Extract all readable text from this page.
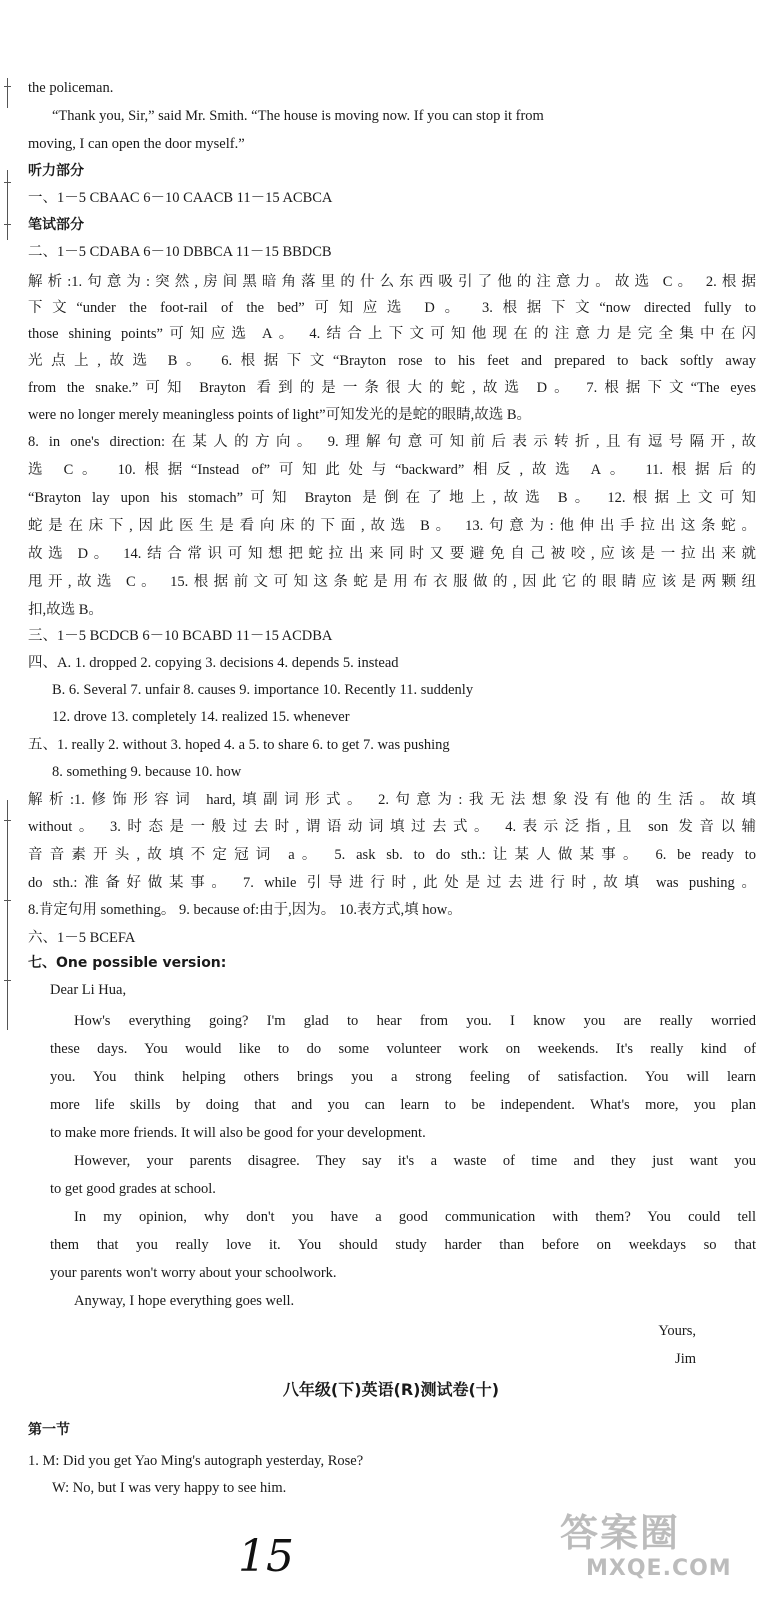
the policeman.
“Thank you, Sir,” said Mr. Smith. “The house is moving now. If you can stop it from
moving, I can open the door myself.”
听力部分
一、1－5 CBAAC 6－10 CAACB 11－15 ACBCA
笔试部分
二、1－5 CDABA 6－10 DBBCA 11－15 BBDCB
解析:1.句意为:突然,房间黑暗角落里的什么东西吸引了他的注意力。故选 C。 2.根据
下文“under the foot-rail of the bed”可知应选 D。 3.根据下文“now directed fully to
those shining points”可知应选 A。 4.结合上下文可知他现在的注意力是完全集中在闪
光点上,故选 B。 6.根据下文“Brayton rose to his feet and prepared to back softly away
from the snake.”可知 Brayton 看到的是一条很大的蛇,故选 D。 7.根据下文“The eyes
were no longer merely meaningless points of light”可知发光的是蛇的眼睛,故选 B。
8. in one's direction:在某人的方向。 9.理解句意可知前后表示转折,且有逗号隔开,故
选 C。 10.根据“Instead of”可知此处与“backward”相反,故选 A。 11.根据后的
“Brayton lay upon his stomach”可知 Brayton 是倒在了地上,故选 B。 12.根据上文可知
蛇是在床下,因此医生是看向床的下面,故选 B。 13.句意为:他伸出手拉出这条蛇。
故选 D。 14.结合常识可知想把蛇拉出来同时又要避免自己被咬,应该是一拉出来就
甩开,故选 C。 15.根据前文可知这条蛇是用布衣服做的,因此它的眼睛应该是两颗纽
扣,故选 B。
三、1－5 BCDCB 6－10 BCABD 11－15 ACDBA
四、A. 1. dropped 2. copying 3. decisions 4. depends 5. instead
B. 6. Several 7. unfair 8. causes 9. importance 10. Recently 11. suddenly
12. drove 13. completely 14. realized 15. whenever
五、1. really 2. without 3. hoped 4. a 5. to share 6. to get 7. was pushing
8. something 9. because 10. how
解析:1.修饰形容词 hard,填副词形式。 2.句意为:我无法想象没有他的生活。故填
without。 3.时态是一般过去时,谓语动词填过去式。 4.表示泛指,且 son 发音以辅
音音素开头,故填不定冠词 a。 5. ask sb. to do sth.:让某人做某事。 6. be ready to
do sth.:准备好做某事。 7. while 引导进行时,此处是过去进行时,故填 was pushing。
8.肯定句用 something。 9. because of:由于,因为。 10.表方式,填 how。
六、1－5 BCEFA
七、One possible version:
Dear Li Hua,
How's everything going? I'm glad to hear from you. I know you are really worried
these days. You would like to do some volunteer work on weekends. It's really kind of
you. You think helping others brings you a strong feeling of satisfaction. You will learn
more life skills by doing that and you can learn to be independent. What's more, you plan
to make more friends. It will also be good for your development.
However, your parents disagree. They say it's a waste of time and they just want you
to get good grades at school.
In my opinion, why don't you have a good communication with them? You could tell
them that you really love it. You should study harder than before on weekdays so that
your parents won't worry about your schoolwork.
Anyway, I hope everything goes well.
Yours,
Jim
八年级(下)英语(R)测试卷(十)
第一节
1. M: Did you get Yao Ming's autograph yesterday, Rose?
W: No, but I was very happy to see him.
15	答案圈
MXQE.COM
